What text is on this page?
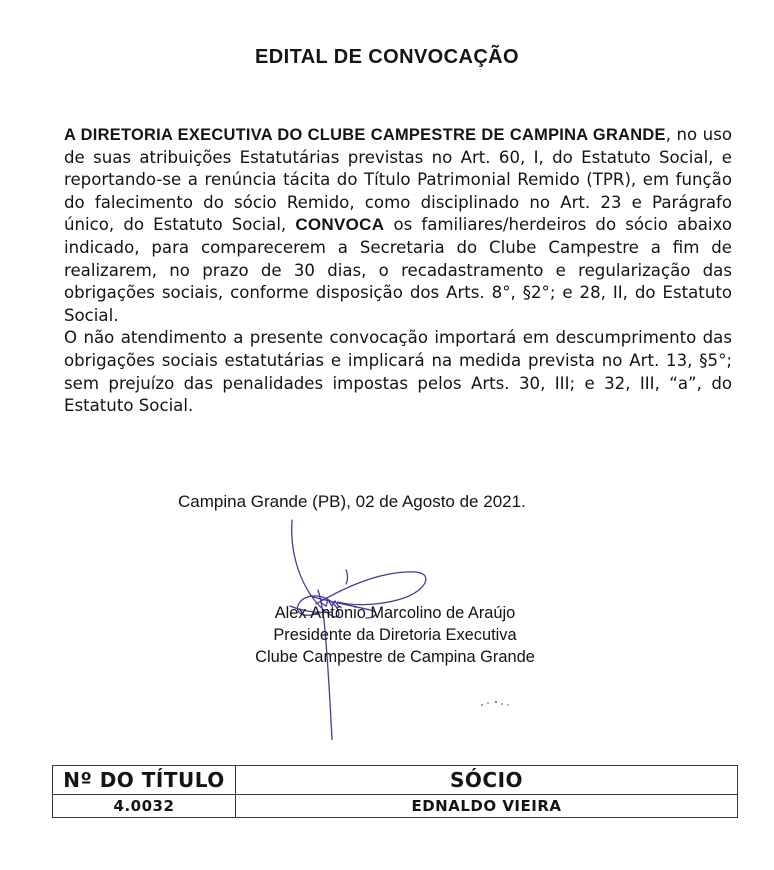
EDITAL DE CONVOCAÇÃO

A DIRETORIA EXECUTIVA DO CLUBE CAMPESTRE DE CAMPINA GRANDE, no uso de suas atribuições Estatutárias previstas no Art. 60, I, do Estatuto Social, e reportando-se a renúncia tácita do Título Patrimonial Remido (TPR), em função do falecimento do sócio Remido, como disciplinado no Art. 23 e Parágrafo único, do Estatuto Social, CONVOCA os familiares/herdeiros do sócio abaixo indicado, para comparecerem a Secretaria do Clube Campestre a fim de realizarem, no prazo de 30 dias, o recadastramento e regularização das obrigações sociais, conforme disposição dos Arts. 8°, §2°; e 28, II, do Estatuto Social.

O não atendimento a presente convocação importará em descumprimento das obrigações sociais estatutárias e implicará na medida prevista no Art. 13, §5°; sem prejuízo das penalidades impostas pelos Arts. 30, III; e 32, III, “a”, do Estatuto Social.

Campina Grande (PB), 02 de Agosto de 2021.
Alex Antônio Marcolino de Araújo
Presidente da Diretoria Executiva
Clube Campestre de Campina Grande
Nº DO TÍTULO	SÓCIO
4.0032	EDNALDO VIEIRA
